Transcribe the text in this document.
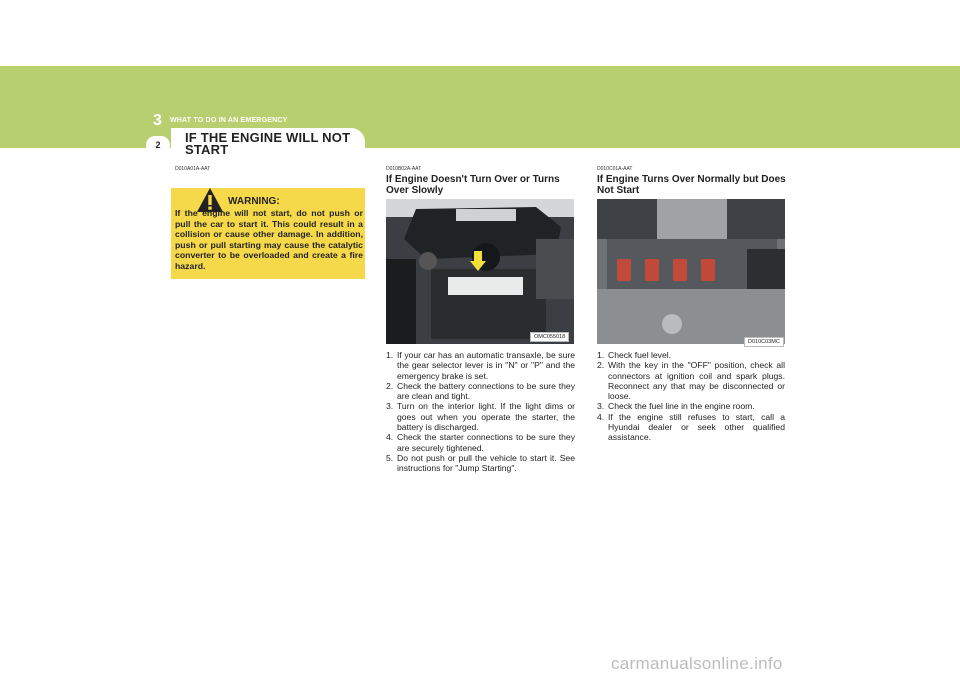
3 WHAT TO DO IN AN EMERGENCY
2	IF THE ENGINE WILL NOT START
D010A01A-AAT
WARNING:
If the engine will not start, do not push or pull the car to start it. This could result in a collision or cause other damage. In addition, push or pull starting may cause the catalytic converter to be overloaded and create a fire hazard.
D010B02A-AAT
If Engine Doesn't Turn Over or Turns Over Slowly
OMC055018
1. If your car has an automatic transaxle, be sure the gear selector lever is in "N" or "P" and the emergency brake is set.
2. Check the battery connections to be sure they are clean and tight.
3. Turn on the interior light. If the light dims or goes out when you operate the starter, the battery is discharged.
4. Check the starter connections to be sure they are securely tightened.
5. Do not push or pull the vehicle to start it. See instructions for "Jump Starting".
D010C01A-AAT
If Engine Turns Over Normally but Does Not Start
D010C03MC
1. Check fuel level.
2. With the key in the "OFF" position, check all connectors at ignition coil and spark plugs. Reconnect any that may be disconnected or loose.
3. Check the fuel line in the engine room.
4. If the engine still refuses to start, call a Hyundai dealer or seek other qualified assistance.
carmanualsonline.info
